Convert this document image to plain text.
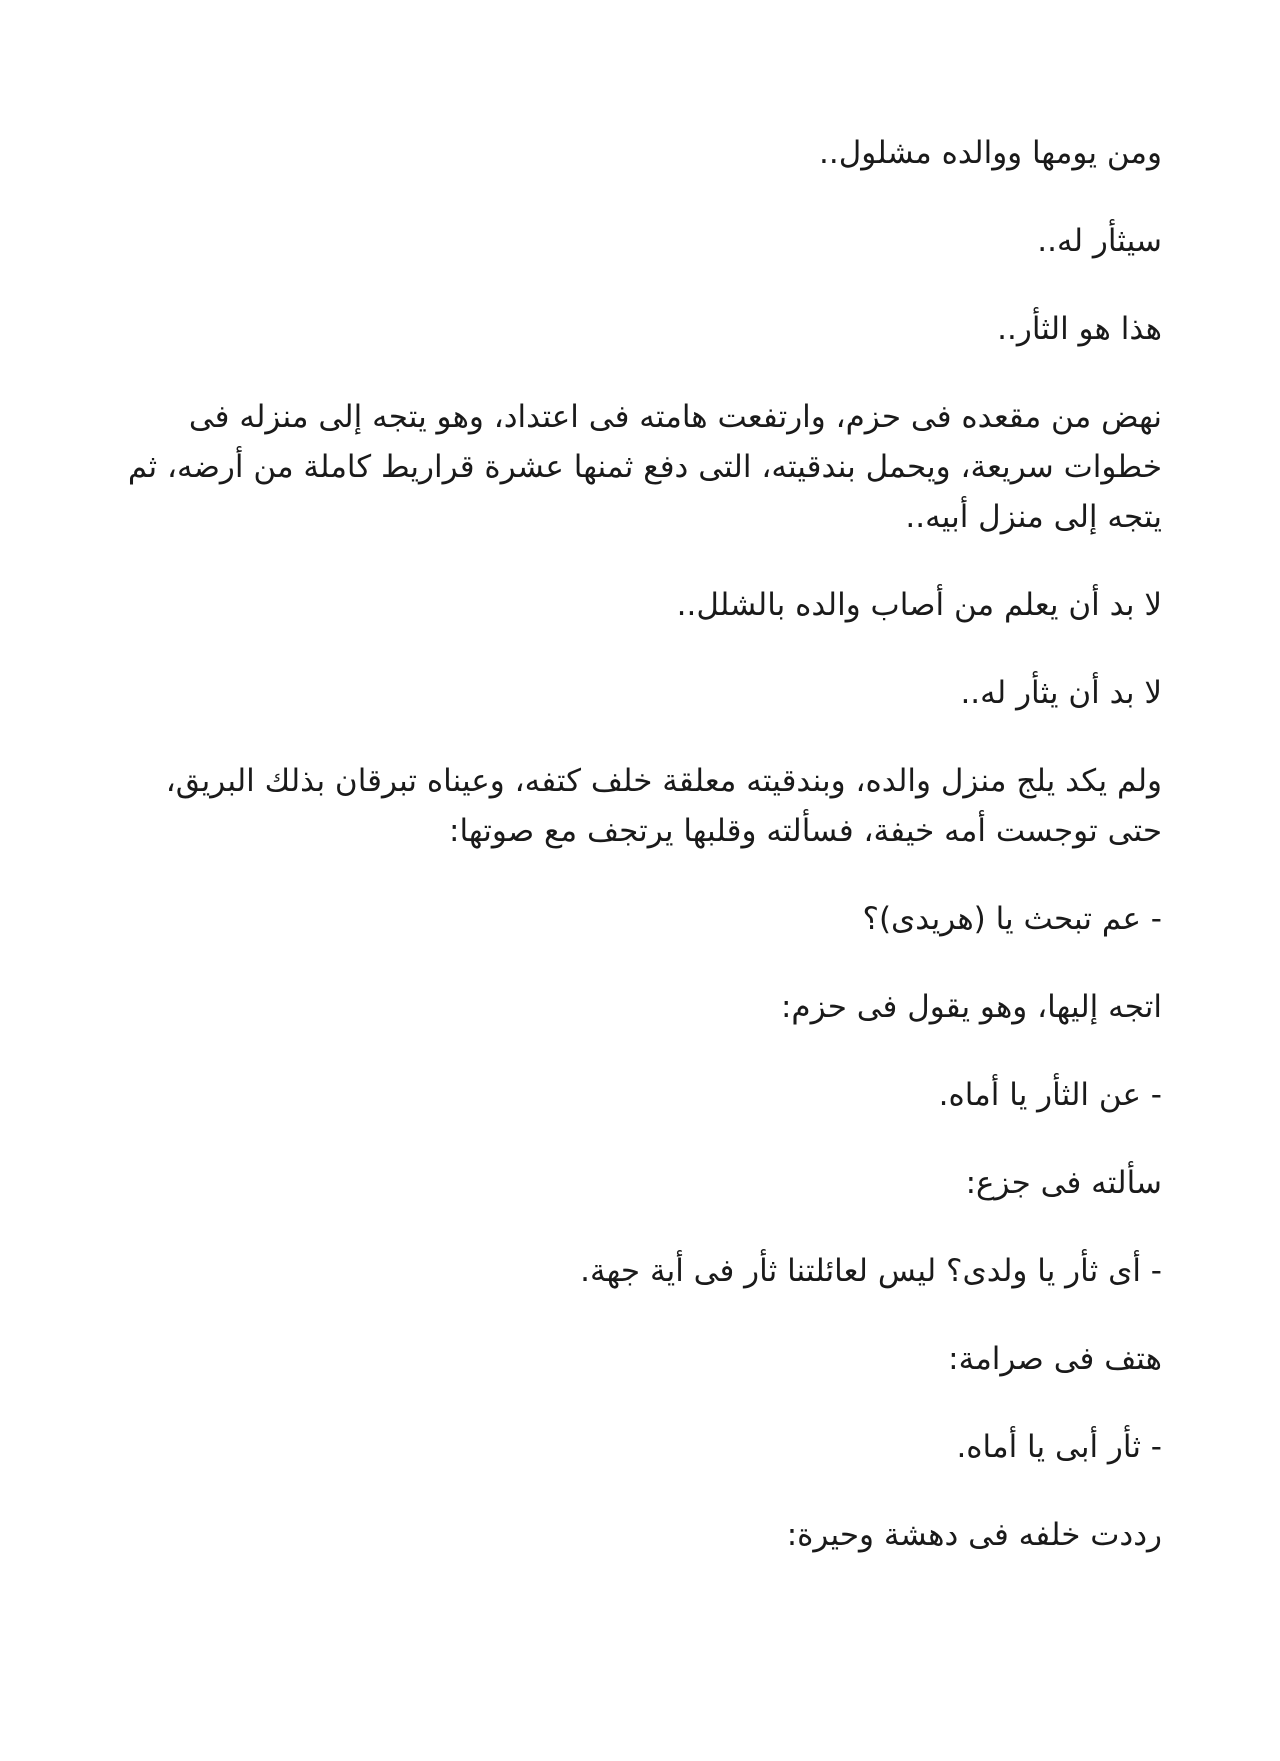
ومن يومها ووالده مشلول..

سيثأر له..

هذا هو الثأر..

نهض من مقعده فى حزم، وارتفعت هامته فى اعتداد، وهو يتجه إلى منزله فى خطوات سريعة، ويحمل بندقيته، التى دفع ثمنها عشرة قراريط كاملة من أرضه، ثم يتجه إلى منزل أبيه..

لا بد أن يعلم من أصاب والده بالشلل..

لا بد أن يثأر له..

ولم يكد يلج منزل والده، وبندقيته معلقة خلف كتفه، وعيناه تبرقان بذلك البريق، حتى توجست أمه خيفة، فسألته وقلبها يرتجف مع صوتها:

- عم تبحث يا (هريدى)؟

اتجه إليها، وهو يقول فى حزم:

- عن الثأر يا أماه.

سألته فى جزع:

- أى ثأر يا ولدى؟ ليس لعائلتنا ثأر فى أية جهة.

هتف فى صرامة:

- ثأر أبى يا أماه.

رددت خلفه فى دهشة وحيرة:
